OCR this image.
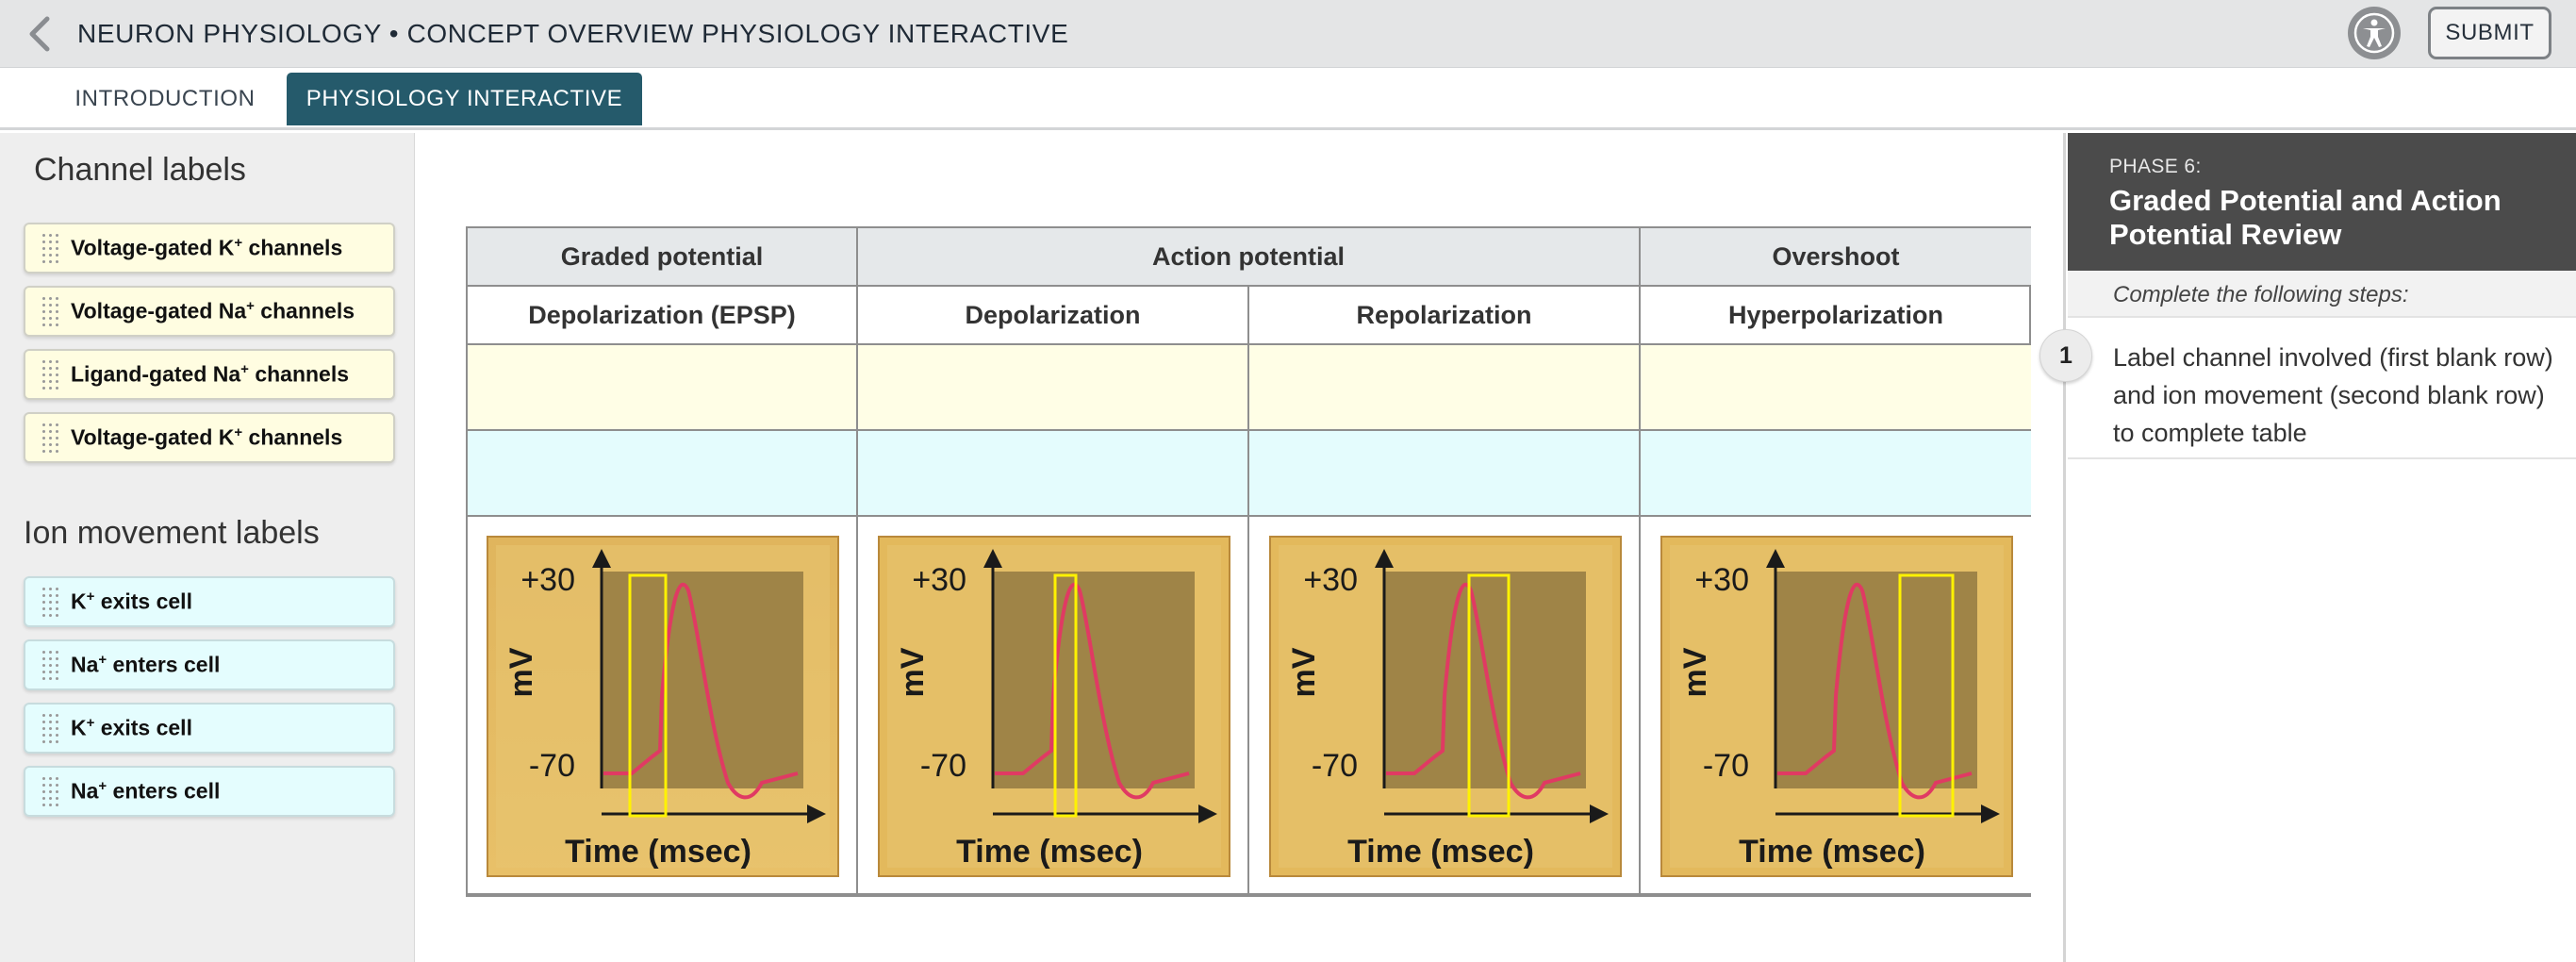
NEURON PHYSIOLOGY • CONCEPT OVERVIEW PHYSIOLOGY INTERACTIVE	SUBMIT
INTRODUCTION	PHYSIOLOGY INTERACTIVE
Channel labels
Voltage-gated K+ channels
Voltage-gated Na+ channels
Ligand-gated Na+ channels
Voltage-gated K+ channels
Ion movement labels
K+ exits cell
Na+ enters cell
K+ exits cell
Na+ enters cell
Graded potential	Action potential	Overshoot
Depolarization (EPSP)	Depolarization	Repolarization	Hyperpolarization
+30
-70
mV
Time (msec)
+30
-70
mV
Time (msec)
+30
-70
mV
Time (msec)
+30
-70
mV
Time (msec)
PHASE 6:
Graded Potential and Action Potential Review
Complete the following steps:
1	Label channel involved (first blank row) and ion movement (second blank row) to complete table
